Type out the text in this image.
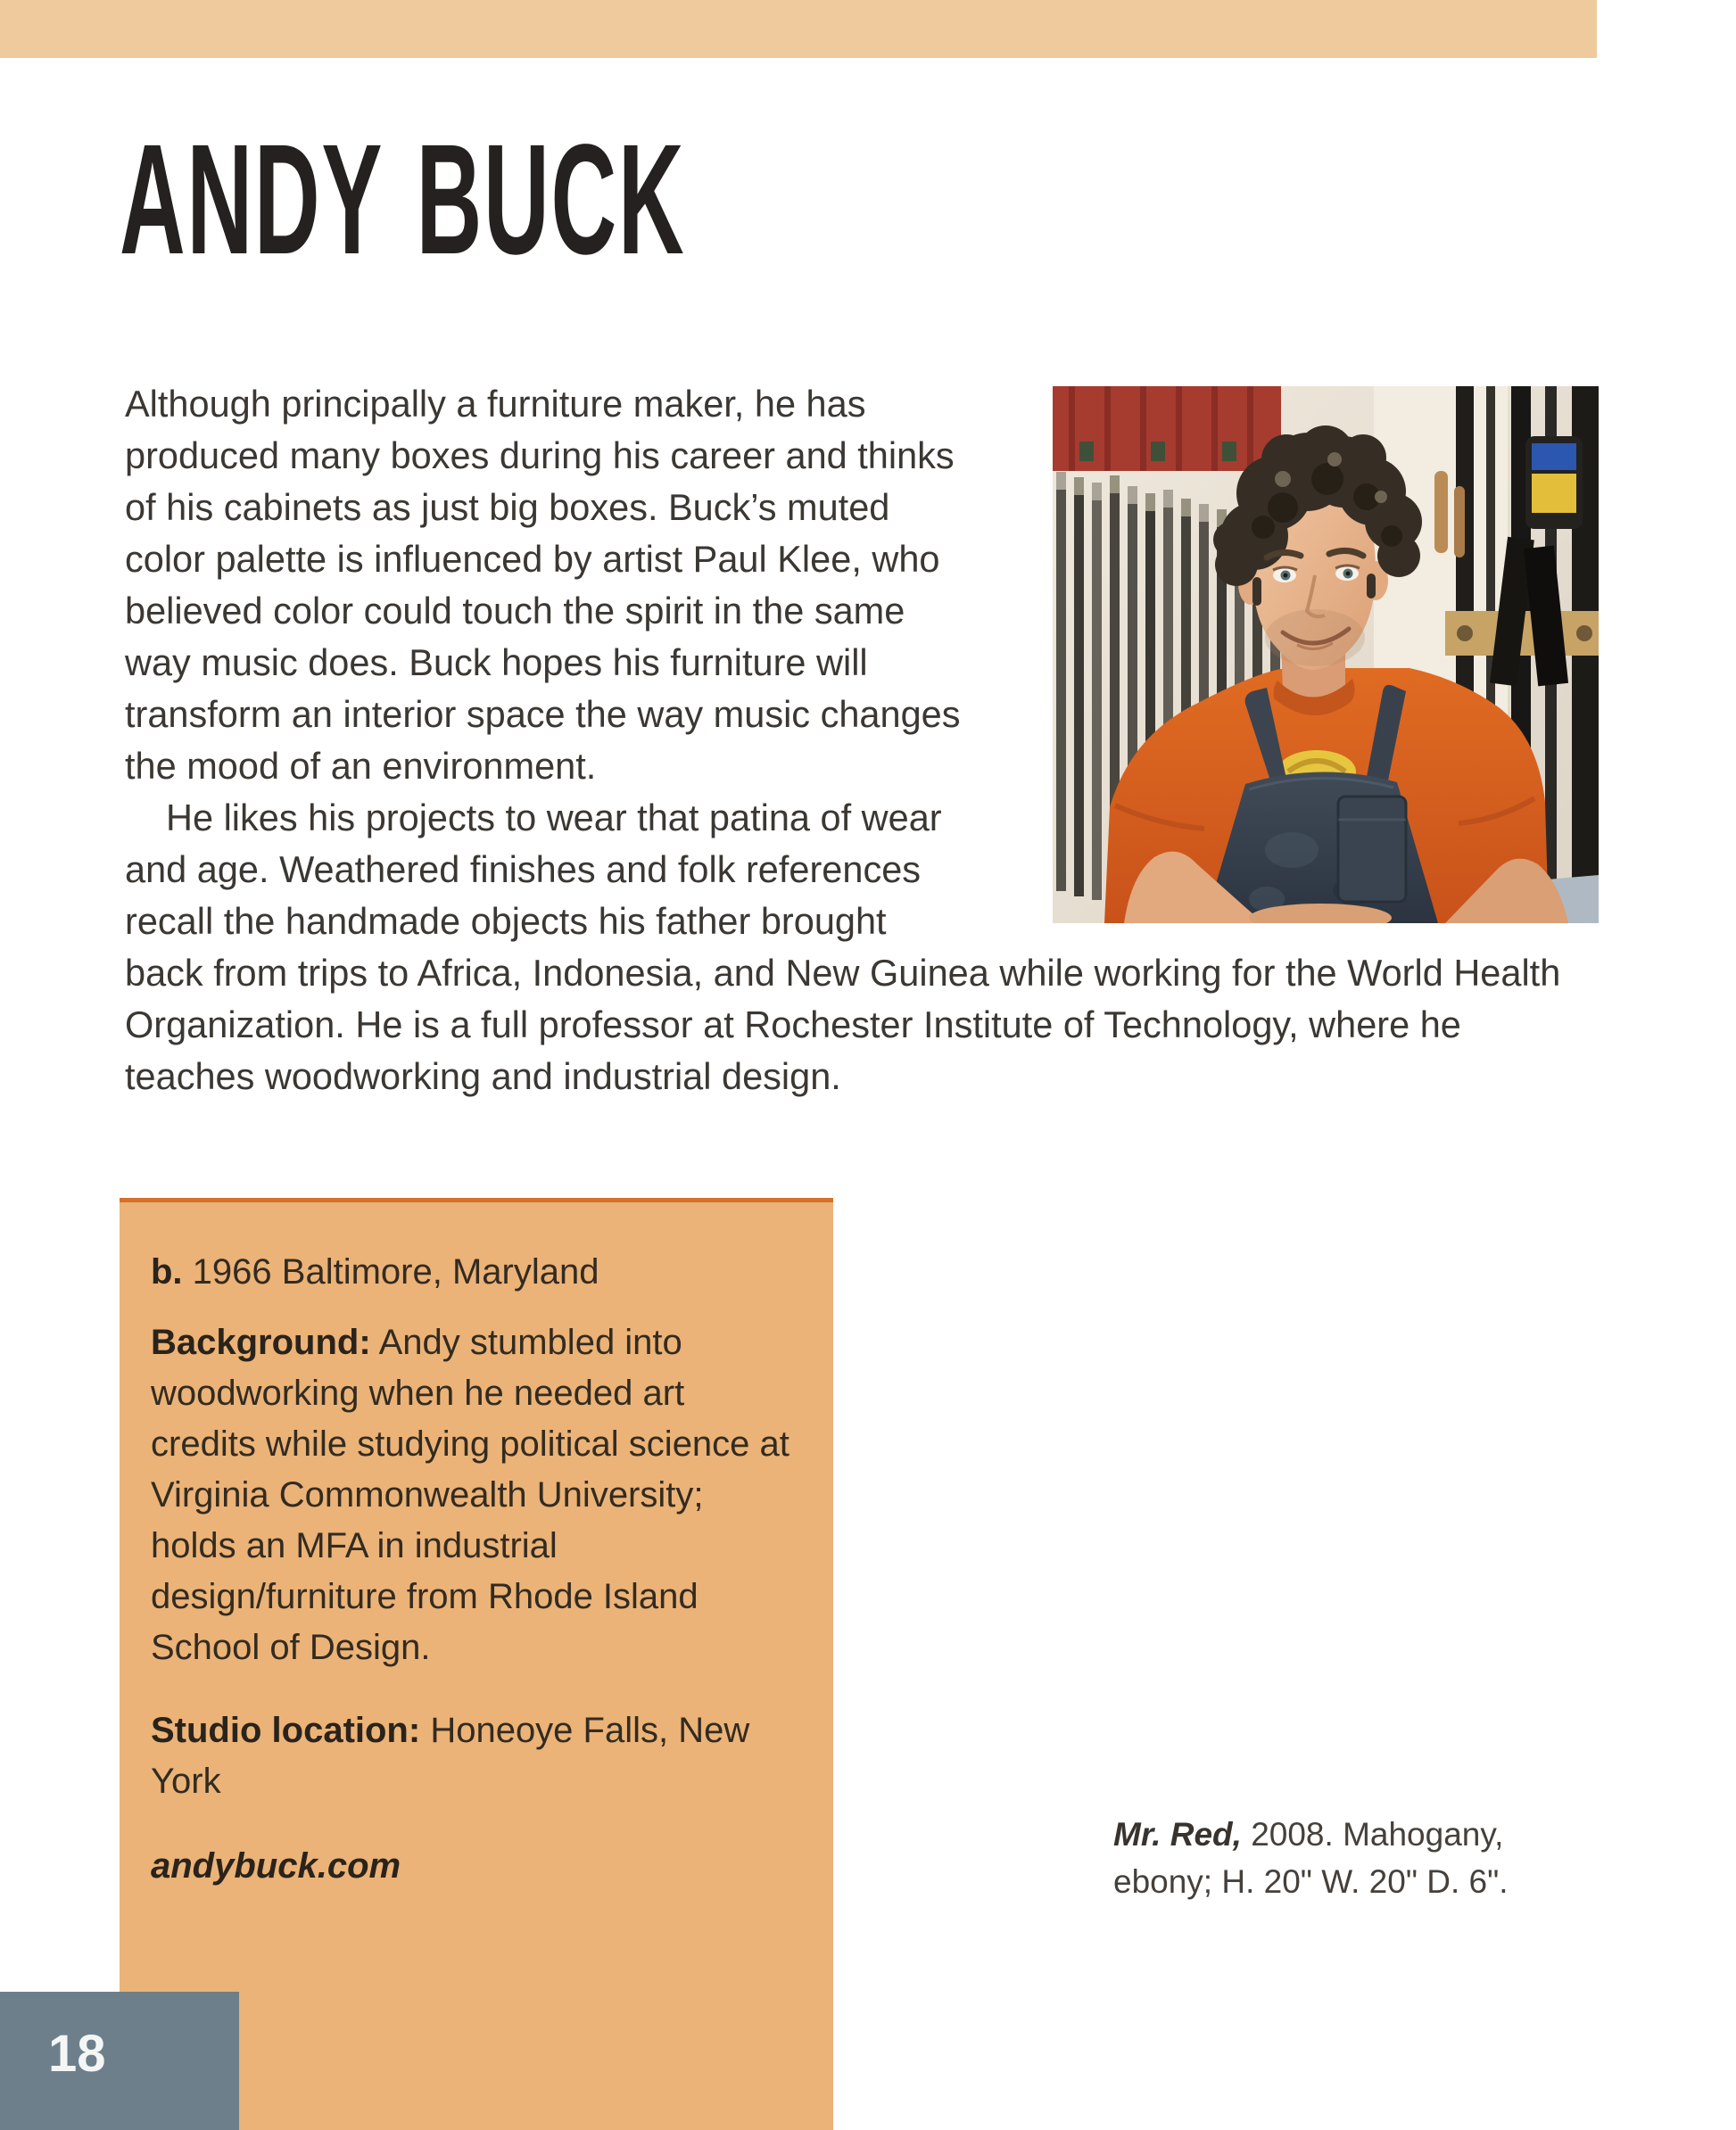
ANDY BUCK

Although principally a furniture maker, he has produced many boxes during his career and thinks of his cabinets as just big boxes. Buck’s muted color palette is influenced by artist Paul Klee, who believed color could touch the spirit in the same way music does. Buck hopes his furniture will transform an interior space the way music changes the mood of an environment.

He likes his projects to wear that patina of wear and age. Weathered finishes and folk references recall the handmade objects his father brought back from trips to Africa, Indonesia, and New Guinea while working for the World Health Organization. He is a full professor at Rochester Institute of Technology, where he teaches woodworking and industrial design.

b. 1966 Baltimore, Maryland

Background: Andy stumbled into woodworking when he needed art credits while studying political science at Virginia Commonwealth University; holds an MFA in industrial design/furniture from Rhode Island School of Design.

Studio location: Honeoye Falls, New York

andybuck.com

Mr. Red, 2008. Mahogany, ebony; H. 20" W. 20" D. 6".
18
